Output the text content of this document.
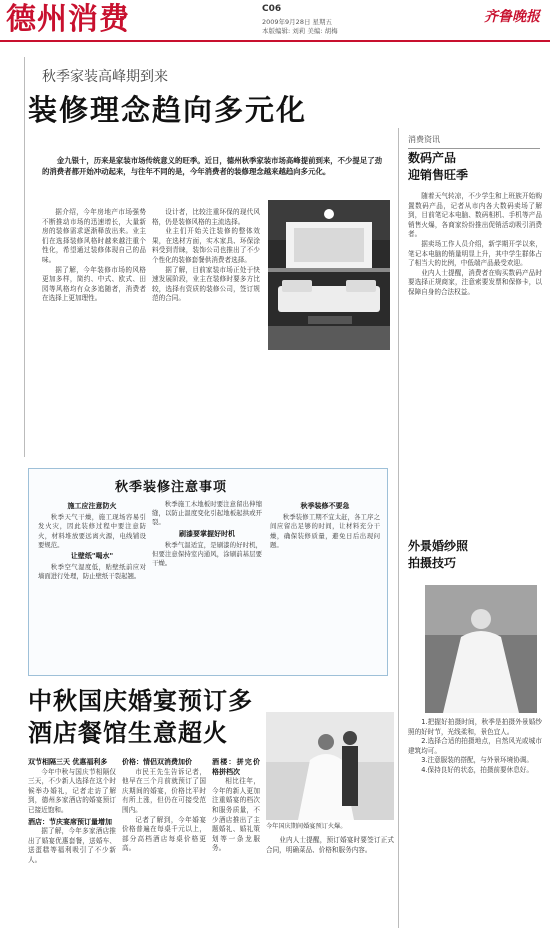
德州消费	C06
2009年9月28日 星期五
本版编辑: 刘莉 美编: 胡梅
齐鲁晚报
秋季家装高峰期到来
装修理念趋向多元化
金九银十，历来是家装市场传统意义的旺季。近日，德州秋季家装市场高峰提前到来，不少提足了劲的消费者都开始冲动起来，与往年不同的是，今年消费者的装修理念越来越趋向多元化。

据介绍，今年房地产市场强势不断推动市场的迅速增长，大量新房的装修需求逐渐释放出来。业主们在选择装修风格时越来越注重个性化，希望通过装修体现自己的品味。

据了解，今年装修市场的风格更加多样，简约、中式、欧式、田园等风格均有众多追随者，消费者在选择上更加理性。

设计者，比较注重环保的现代风格，仍是装修风格的主流选择。

业主们开始关注装修的整体效果，在选材方面，实木家具、环保涂料受到青睐，装饰公司也推出了不少个性化的装修套餐供消费者选择。

据了解，目前家装市场正处于快速发展阶段，业主在装修时要多方比较，选择有资质的装修公司，签订规范的合同。

秋季装修注意事项
施工应注意防火

秋季天气干燥，施工现场容易引发火灾，因此装修过程中要注意防火，材料堆放要远离火源，电线铺设要规范。

让壁纸"喝水"

秋季空气湿度低，贴壁纸前应对墙面进行处理，防止壁纸干裂起翘。

秋季施工木地板时要注意留出伸缩缝，以防止温度变化引起地板起拱或开裂。

刷漆要掌握好时机

秋季气温适宜，是刷漆的好时机，但要注意保持室内通风，涂刷前基层要干燥。

秋季装修不要急

秋季装修工期不宜太赶，各工序之间应留出足够的时间，让材料充分干燥，确保装修质量，避免日后出现问题。

中秋国庆婚宴预订多
酒店餐馆生意超火
双节相隔三天 优惠福利多

今年中秋与国庆节相隔仅三天，不少新人选择在这个时候举办婚礼，记者走访了解到，德州多家酒店的婚宴预订已接近饱和。

酒店：节庆宴席预订量增加

据了解，今年多家酒店推出了婚宴优惠套餐，送婚车、送蛋糕等福利吸引了不少新人。

价格：情侣双消费加价

市民王先生告诉记者，他早在三个月前就预订了国庆期间的婚宴，价格比平时有所上涨，但仍在可接受范围内。

记者了解到，今年婚宴价格普遍在每桌千元以上，部分高档酒店每桌价格更高。

酒楼：拼完价格拼档次

相比往年，今年的新人更加注重婚宴的档次和服务质量，不少酒店推出了主题婚礼、婚礼策划等一条龙服务。

今年国庆期间婚宴预订火爆。

业内人士提醒，预订婚宴时要签订正式合同，明确菜品、价格和服务内容。

消费资讯
数码产品
迎销售旺季

随着天气转凉，不少学生和上班族开始购置数码产品，记者从市内各大数码卖场了解到，目前笔记本电脑、数码相机、手机等产品销售火爆，各商家纷纷推出促销活动吸引消费者。

据卖场工作人员介绍，新学期开学以来，笔记本电脑的销量明显上升，其中学生群体占了相当大的比例，中低端产品最受欢迎。

业内人士提醒，消费者在购买数码产品时要选择正规商家，注意索要发票和保修卡，以保障自身的合法权益。

外景婚纱照
拍摄技巧

1.把握好拍摄时间，秋季是拍摄外景婚纱照的好时节，光线柔和，景色宜人。

2.选择合适的拍摄地点，自然风光或城市建筑均可。

3.注意服装的搭配，与外景环境协调。

4.保持良好的状态，拍摄前要休息好。
